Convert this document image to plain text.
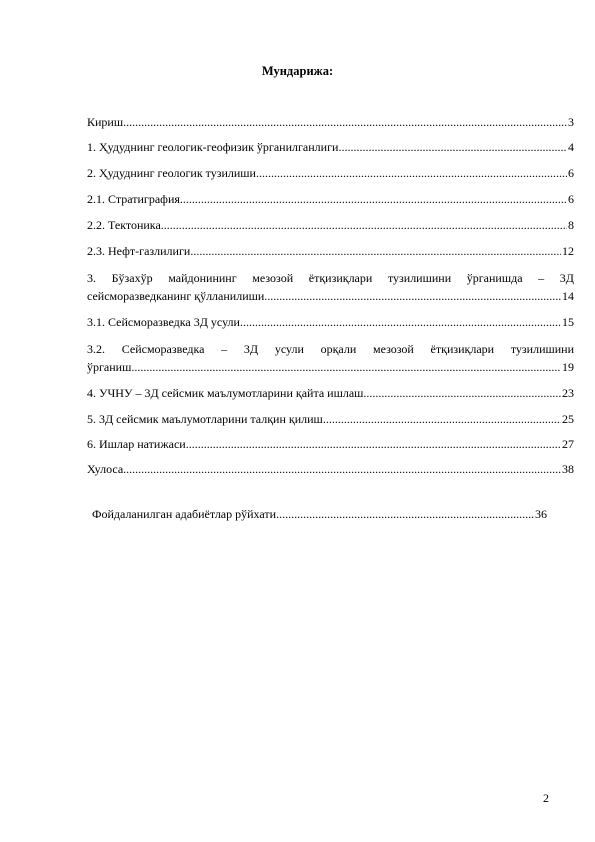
Мундарижа:
Кириш .....	3
1. Ҳудуднинг геологик-геофизик ўрганилганлиги .....	4
2. Ҳудуднинг геологик тузилиши .....	6
2.1. Стратиграфия .....	6
2.2. Тектоника .....	8
2.3. Нефт-газлилиги .....	12
3. Бўзахўр майдонининг мезозой ётқизиқлари тузилишини ўрганишда – 3Д
сейсморазведканинг қўлланилиши .....	14
3.1. Сейсморазведка 3Д усули .....	15
3.2. Сейсморазведка – 3Д усули орқали мезозой ётқизиқлари тузилишини
ўрганиш .....	19
4. УЧНУ – 3Д сейсмик маълумотларини қайта ишлаш .....	23
5. 3Д сейсмик маълумотларини талқин қилиш .....	25
6. Ишлар натижаси .....	27
Хулоса .....	38
Фойдаланилган адабиётлар рўйхати .....	36
2
